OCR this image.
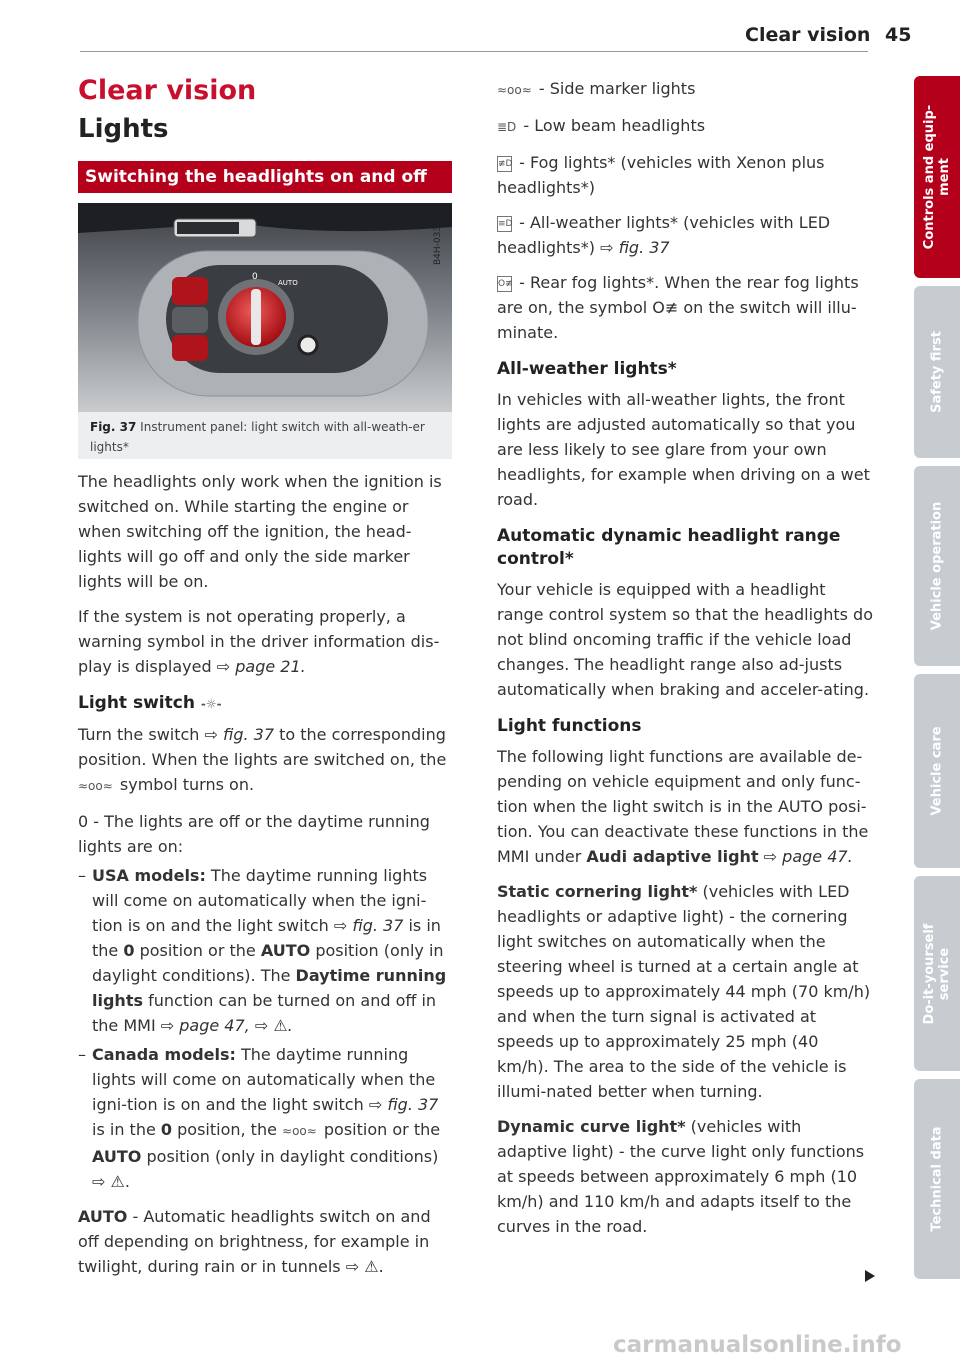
Clear vision 45
Clear vision
Lights
Switching the headlights on and off
0
AUTO
B4H-0337
Fig. 37 Instrument panel: light switch with all-weath-er lights*

The headlights only work when the ignition is switched on. While starting the engine or when switching off the ignition, the head-lights will go off and only the side marker lights will be on.

If the system is not operating properly, a warning symbol in the driver information dis-play is displayed ⇨ page 21.

Light switch -☼-

Turn the switch ⇨ fig. 37 to the corresponding position. When the lights are switched on, the ≈oo≈ symbol turns on.

0 - The lights are off or the daytime running lights are on:

– USA models: The daytime running lights will come on automatically when the igni-tion is on and the light switch ⇨ fig. 37 is in the 0 position or the AUTO position (only in daylight conditions). The Daytime running lights function can be turned on and off in the MMI ⇨ page 47, ⇨ ⚠.
– Canada models: The daytime running lights will come on automatically when the igni-tion is on and the light switch ⇨ fig. 37 is in the 0 position, the ≈oo≈ position or the AUTO position (only in daylight conditions) ⇨ ⚠.

AUTO - Automatic headlights switch on and off depending on brightness, for example in twilight, during rain or in tunnels ⇨ ⚠.

≈oo≈ - Side marker lights

≣D - Low beam headlights

≢D - Fog lights* (vehicles with Xenon plus headlights*)

≡D - All-weather lights* (vehicles with LED headlights*) ⇨ fig. 37

O≢ - Rear fog lights*. When the rear fog lights are on, the symbol O≢ on the switch will illu-minate.

All-weather lights*

In vehicles with all-weather lights, the front lights are adjusted automatically so that you are less likely to see glare from your own headlights, for example when driving on a wet road.

Automatic dynamic headlight range control*

Your vehicle is equipped with a headlight range control system so that the headlights do not blind oncoming traffic if the vehicle load changes. The headlight range also ad-justs automatically when braking and acceler-ating.

Light functions

The following light functions are available de-pending on vehicle equipment and only func-tion when the light switch is in the AUTO posi-tion. You can deactivate these functions in the MMI under Audi adaptive light ⇨ page 47.

Static cornering light* (vehicles with LED headlights or adaptive light) - the cornering light switches on automatically when the steering wheel is turned at a certain angle at speeds up to approximately 44 mph (70 km/h) and when the turn signal is activated at speeds up to approximately 25 mph (40 km/h). The area to the side of the vehicle is illumi-nated better when turning.

Dynamic curve light* (vehicles with adaptive light) - the curve light only functions at speeds between approximately 6 mph (10 km/h) and 110 km/h and adapts itself to the curves in the road.

Controls and equip-
ment
Safety first
Vehicle operation
Vehicle care
Do-it-yourself
service
Technical data
carmanualsonline.info
